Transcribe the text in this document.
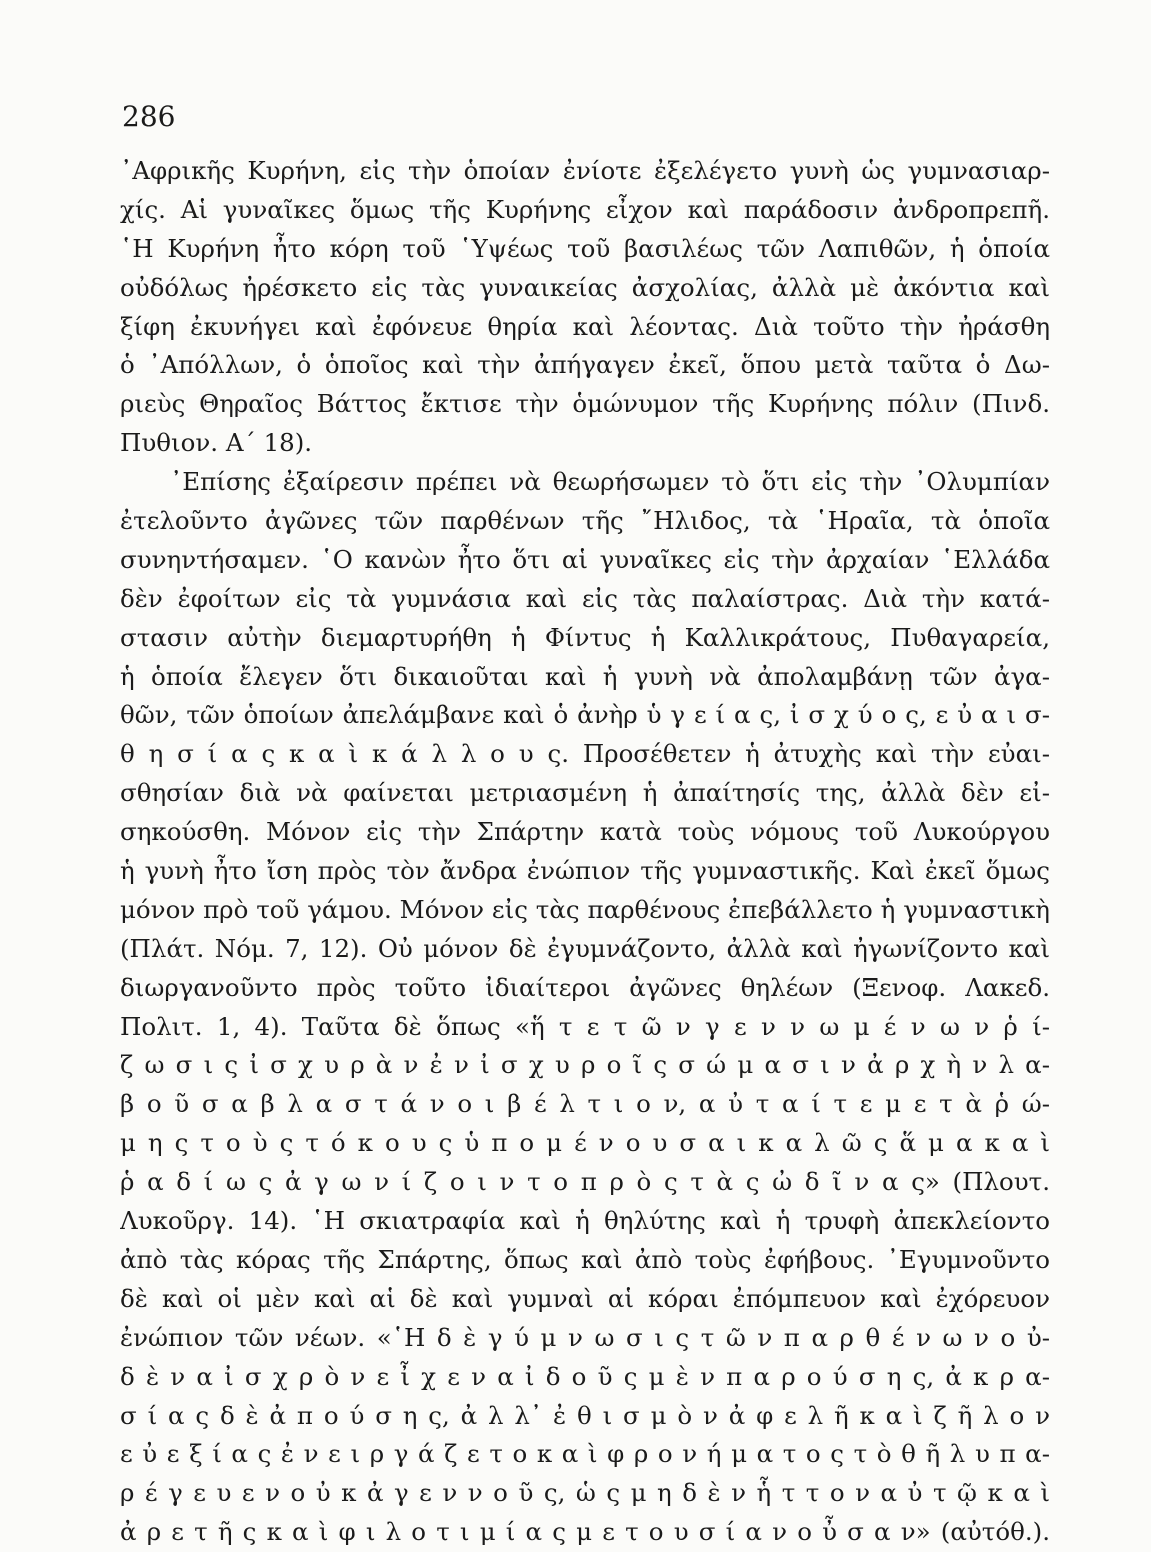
286

᾿Αφρικῆς Κυρήνη, εἰς τὴν ὁποίαν ἐνίοτε ἐξελέγετο γυνὴ ὡς γυμνασιαρ-

χίς. Αἱ γυναῖκες ὅμως τῆς Κυρήνης εἶχον καὶ παράδοσιν ἀνδροπρεπῆ.

῾Η Κυρήνη ἦτο κόρη τοῦ ῾Υψέως τοῦ βασιλέως τῶν Λαπιθῶν, ἡ ὁποία

οὐδόλως ἠρέσκετο εἰς τὰς γυναικείας ἀσχολίας, ἀλλὰ μὲ ἀκόντια καὶ

ξίφη ἐκυνήγει καὶ ἐφόνευε θηρία καὶ λέοντας. Διὰ τοῦτο τὴν ἠράσθη

ὁ ᾿Απόλλων, ὁ ὁποῖος καὶ τὴν ἀπήγαγεν ἐκεῖ, ὅπου μετὰ ταῦτα ὁ Δω-

ριεὺς Θηραῖος Βάττος ἔκτισε τὴν ὁμώνυμον τῆς Κυρήνης πόλιν (Πινδ.

Πυθιον. Α´ 18).

᾿Επίσης ἐξαίρεσιν πρέπει νὰ θεωρήσωμεν τὸ ὅτι εἰς τὴν ᾿Ολυμπίαν

ἐτελοῦντο ἀγῶνες τῶν παρθένων τῆς ῎Ηλιδος, τὰ ῾Ηραῖα, τὰ ὁποῖα

συνηντήσαμεν. ῾Ο κανὼν ἦτο ὅτι αἱ γυναῖκες εἰς τὴν ἀρχαίαν ῾Ελλάδα

δὲν ἐφοίτων εἰς τὰ γυμνάσια καὶ εἰς τὰς παλαίστρας. Διὰ τὴν κατά-

στασιν αὐτὴν διεμαρτυρήθη ἡ Φίντυς ἡ Καλλικράτους, Πυθαγαρεία,

ἡ ὁποία ἔλεγεν ὅτι δικαιοῦται καὶ ἡ γυνὴ νὰ ἀπολαμβάνῃ τῶν ἀγα-

θῶν, τῶν ὁποίων ἀπελάμβανε καὶ ὁ ἀνὴρ ὑ γ ε ί α ς, ἰ σ χ ύ ο ς, ε ὐ α ι σ-

θ η σ ί α ς κ α ὶ κ ά λ λ ο υ ς. Προσέθετεν ἡ ἀτυχὴς καὶ τὴν εὐαι-

σθησίαν διὰ νὰ φαίνεται μετριασμένη ἡ ἀπαίτησίς της, ἀλλὰ δὲν εἰ-

σηκούσθη. Μόνον εἰς τὴν Σπάρτην κατὰ τοὺς νόμους τοῦ Λυκούργου

ἡ γυνὴ ἦτο ἴση πρὸς τὸν ἄνδρα ἐνώπιον τῆς γυμναστικῆς. Καὶ ἐκεῖ ὅμως

μόνον πρὸ τοῦ γάμου. Μόνον εἰς τὰς παρθένους ἐπεβάλλετο ἡ γυμναστικὴ

(Πλάτ. Νόμ. 7, 12). Οὐ μόνον δὲ ἐγυμνάζοντο, ἀλλὰ καὶ ἠγωνίζοντο καὶ

διωργανοῦντο πρὸς τοῦτο ἰδιαίτεροι ἀγῶνες θηλέων (Ξενοφ. Λακεδ.

Πολιτ. 1, 4). Ταῦτα δὲ ὅπως «ἥ τ ε τ ῶ ν γ ε ν ν ω μ έ ν ω ν ῥ ί-

ζ ω σ ι ς ἰ σ χ υ ρ ὰ ν ἐ ν ἰ σ χ υ ρ ο ῖ ς σ ώ μ α σ ι ν ἀ ρ χ ὴ ν λ α-

β ο ῦ σ α β λ α σ τ ά ν ο ι β έ λ τ ι ο ν, α ὐ τ α ί τ ε μ ε τ ὰ ῥ ώ-

μ η ς τ ο ὺ ς τ ό κ ο υ ς ὑ π ο μ έ ν ο υ σ α ι κ α λ ῶ ς ἅ μ α κ α ὶ

ῥ α δ ί ω ς ἀ γ ω ν ί ζ ο ι ν τ ο π ρ ὸ ς τ ὰ ς ὠ δ ῖ ν α ς» (Πλουτ.

Λυκοῦργ. 14). ῾Η σκιατραφία καὶ ἡ θηλύτης καὶ ἡ τρυφὴ ἀπεκλείοντο

ἀπὸ τὰς κόρας τῆς Σπάρτης, ὅπως καὶ ἀπὸ τοὺς ἐφήβους. ᾿Εγυμνοῦντο

δὲ καὶ οἱ μὲν καὶ αἱ δὲ καὶ γυμναὶ αἱ κόραι ἐπόμπευον καὶ ἐχόρευον

ἐνώπιον τῶν νέων. «῾Η δ ὲ γ ύ μ ν ω σ ι ς τ ῶ ν π α ρ θ έ ν ω ν ο ὐ-

δ ὲ ν α ἰ σ χ ρ ὸ ν ε ἶ χ ε ν α ἰ δ ο ῦ ς μ ὲ ν π α ρ ο ύ σ η ς, ἀ κ ρ α-

σ ί α ς δ ὲ ἀ π ο ύ σ η ς, ἀ λ λ᾿ ἐ θ ι σ μ ὸ ν ἀ φ ε λ ῆ κ α ὶ ζ ῆ λ ο ν

ε ὐ ε ξ ί α ς ἐ ν ε ι ρ γ ά ζ ε τ ο κ α ὶ φ ρ ο ν ή μ α τ ο ς τ ὸ θ ῆ λ υ π α-

ρ έ γ ε υ ε ν ο ὐ κ ἀ γ ε ν ν ο ῦ ς, ὡ ς μ η δ ὲ ν ἧ τ τ ο ν α ὐ τ ῷ κ α ὶ

ἀ ρ ε τ ῆ ς κ α ὶ φ ι λ ο τ ι μ ί α ς μ ε τ ο υ σ ί α ν ο ὖ σ α ν» (αὐτόθ.).
